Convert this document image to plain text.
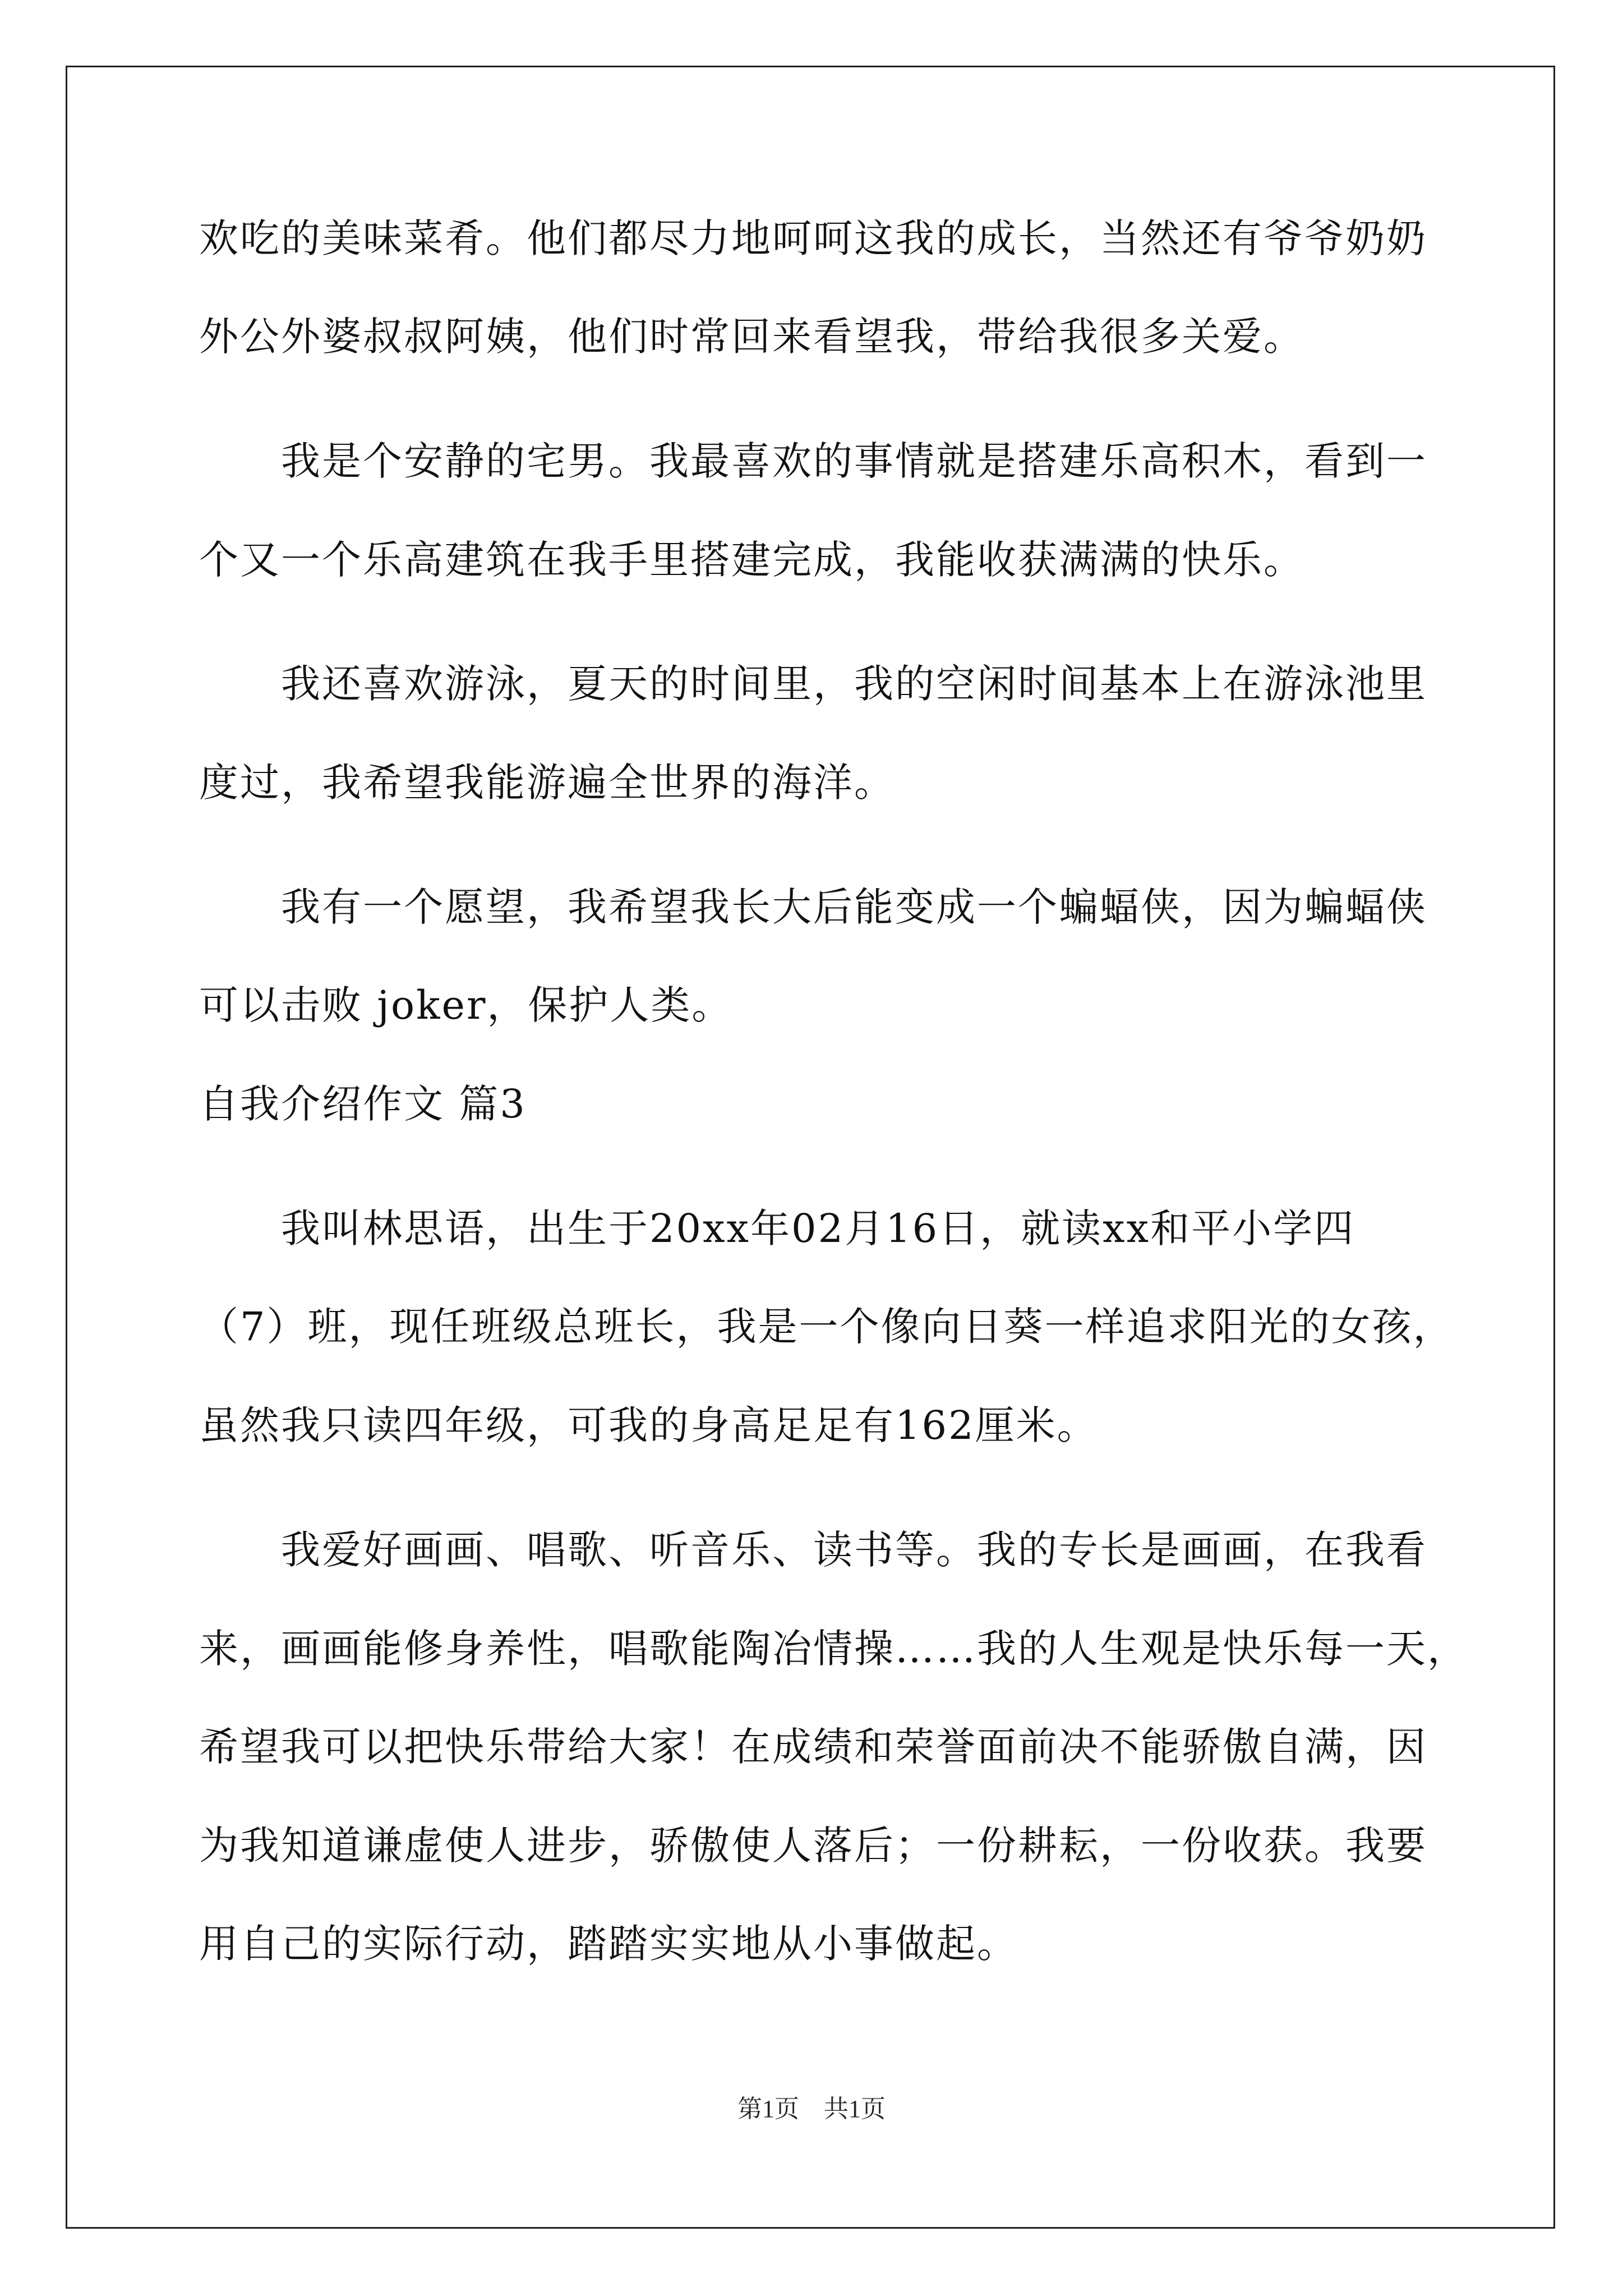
欢吃的美味菜肴。他们都尽力地呵呵这我的成长，当然还有爷爷奶奶
外公外婆叔叔阿姨，他们时常回来看望我，带给我很多关爱。
我是个安静的宅男。我最喜欢的事情就是搭建乐高积木，看到一
个又一个乐高建筑在我手里搭建完成，我能收获满满的快乐。
我还喜欢游泳，夏天的时间里，我的空闲时间基本上在游泳池里
度过，我希望我能游遍全世界的海洋。
我有一个愿望，我希望我长大后能变成一个蝙蝠侠，因为蝙蝠侠
可以击败 joker，保护人类。
自我介绍作文 篇3
我叫林思语，出生于20xx年02月16日，就读xx和平小学四
（7）班，现任班级总班长，我是一个像向日葵一样追求阳光的女孩，
虽然我只读四年级，可我的身高足足有162厘米。
我爱好画画、唱歌、听音乐、读书等。我的专长是画画，在我看
来，画画能修身养性，唱歌能陶冶情操……我的人生观是快乐每一天，
希望我可以把快乐带给大家！在成绩和荣誉面前决不能骄傲自满，因
为我知道谦虚使人进步，骄傲使人落后；一份耕耘，一份收获。我要
用自己的实际行动，踏踏实实地从小事做起。
第1页　共1页
